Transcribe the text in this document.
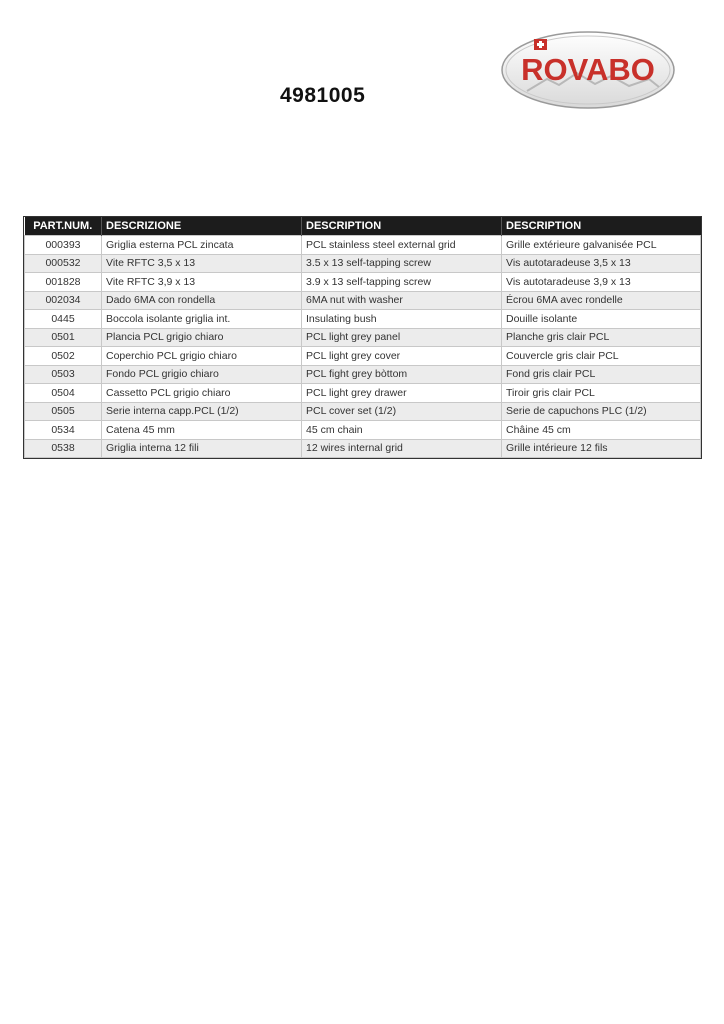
4981005
ROVABO
PART.NUM.	DESCRIZIONE	DESCRIPTION	DESCRIPTION
000393	Griglia esterna PCL zincata	PCL stainless steel external grid	Grille extérieure galvanisée PCL
000532	Vite RFTC 3,5 x 13	3.5 x 13 self-tapping screw	Vis autotaradeuse 3,5 x 13
001828	Vite RFTC 3,9 x 13	3.9 x 13 self-tapping screw	Vis autotaradeuse 3,9 x 13
002034	Dado 6MA con rondella	6MA nut with washer	Écrou 6MA avec rondelle
0445	Boccola isolante griglia int.	Insulating bush	Douille isolante
0501	Plancia PCL grigio chiaro	PCL light grey panel	Planche gris clair PCL
0502	Coperchio PCL grigio chiaro	PCL light grey cover	Couvercle gris clair PCL
0503	Fondo PCL grigio chiaro	PCL fight grey bòttom	Fond gris clair PCL
0504	Cassetto PCL grigio chiaro	PCL light grey drawer	Tiroir gris clair PCL
0505	Serie interna capp.PCL (1/2)	PCL cover set (1/2)	Serie de capuchons PLC (1/2)
0534	Catena 45 mm	45 cm chain	Châine 45 cm
0538	Griglia interna 12 fili	12 wires internal grid	Grille intérieure 12 fils
